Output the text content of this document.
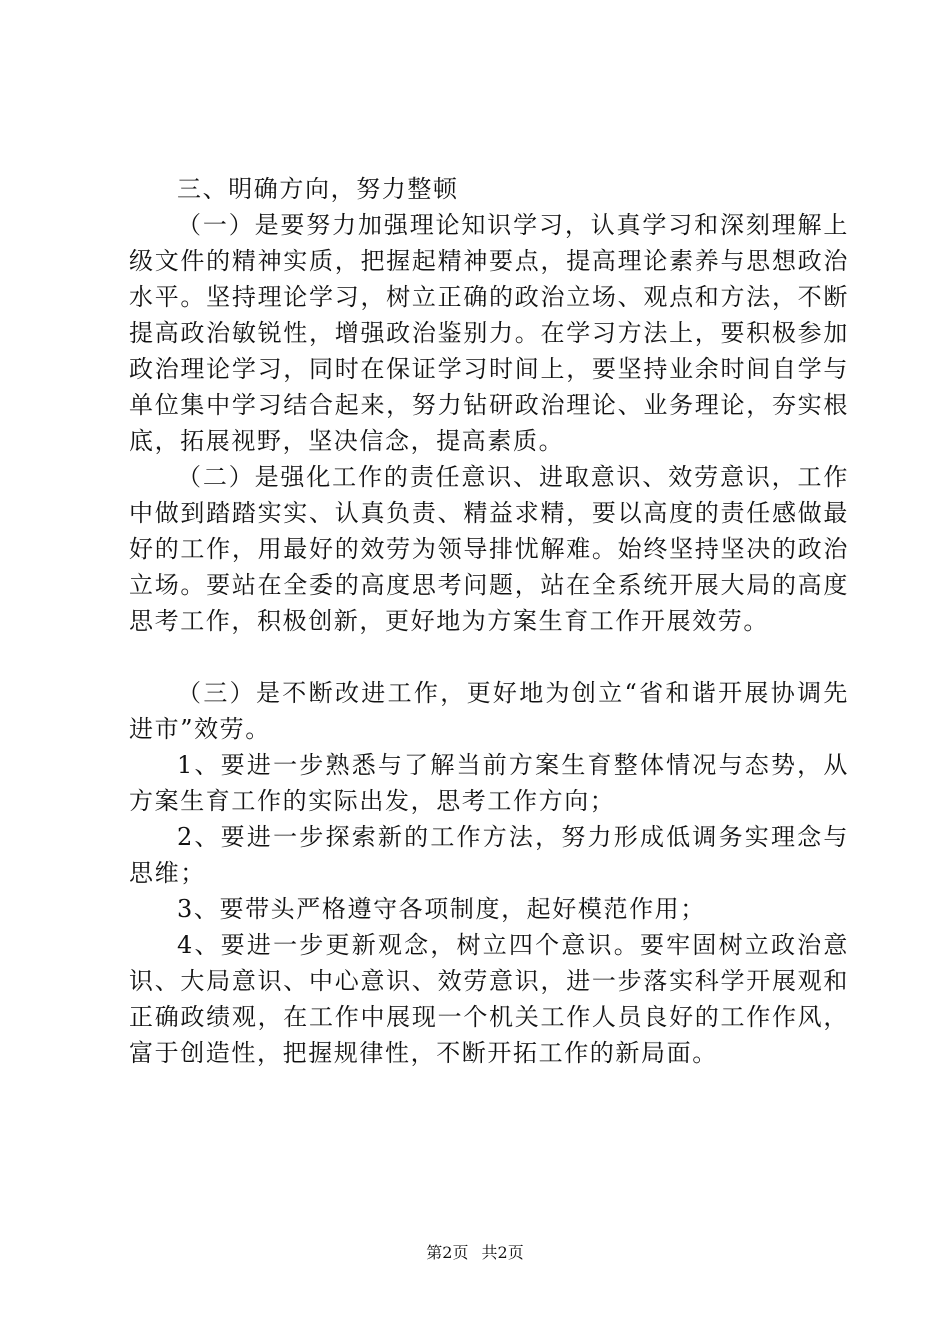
三、明确方向，努力整顿

（一）是要努力加强理论知识学习，认真学习和深刻理解上级文件的精神实质，把握起精神要点，提高理论素养与思想政治水平。坚持理论学习，树立正确的政治立场、观点和方法，不断提高政治敏锐性，增强政治鉴别力。在学习方法上，要积极参加政治理论学习，同时在保证学习时间上，要坚持业余时间自学与单位集中学习结合起来，努力钻研政治理论、业务理论，夯实根底，拓展视野，坚决信念，提高素质。

（二）是强化工作的责任意识、进取意识、效劳意识，工作中做到踏踏实实、认真负责、精益求精，要以高度的责任感做最好的工作，用最好的效劳为领导排忧解难。始终坚持坚决的政治立场。要站在全委的高度思考问题，站在全系统开展大局的高度思考工作，积极创新，更好地为方案生育工作开展效劳。

（三）是不断改进工作，更好地为创立“省和谐开展协调先进市”效劳。

1、要进一步熟悉与了解当前方案生育整体情况与态势，从方案生育工作的实际出发，思考工作方向；

2、要进一步探索新的工作方法，努力形成低调务实理念与思维；

3、要带头严格遵守各项制度，起好模范作用；

4、要进一步更新观念，树立四个意识。要牢固树立政治意识、大局意识、中心意识、效劳意识，进一步落实科学开展观和正确政绩观，在工作中展现一个机关工作人员良好的工作作风，富于创造性，把握规律性，不断开拓工作的新局面。

第2页 共2页
